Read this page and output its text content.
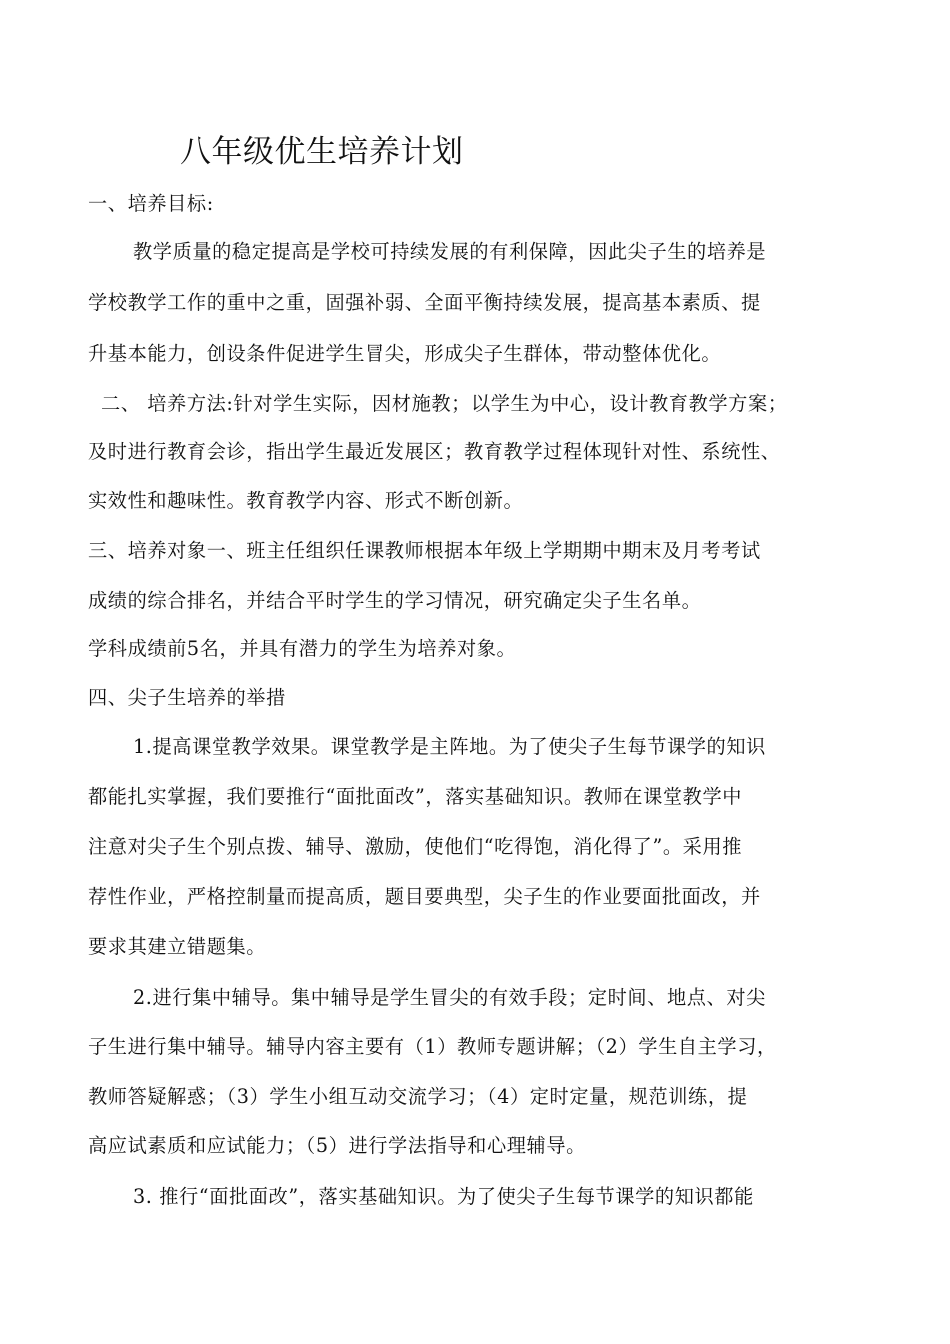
八年级优生培养计划
一、培养目标:
教学质量的稳定提高是学校可持续发展的有利保障，因此尖子生的培养是
学校教学工作的重中之重，固强补弱、全面平衡持续发展，提高基本素质、提
升基本能力，创设条件促进学生冒尖，形成尖子生群体，带动整体优化。
二、 培养方法:针对学生实际，因材施教；以学生为中心，设计教育教学方案；
及时进行教育会诊，指出学生最近发展区；教育教学过程体现针对性、系统性、
实效性和趣味性。教育教学内容、形式不断创新。
三、培养对象一、班主任组织任课教师根据本年级上学期期中期末及月考考试
成绩的综合排名，并结合平时学生的学习情况，研究确定尖子生名单。
学科成绩前5名，并具有潜力的学生为培养对象。
四、尖子生培养的举措
1.提高课堂教学效果。课堂教学是主阵地。为了使尖子生每节课学的知识
都能扎实掌握，我们要推行“面批面改”，落实基础知识。教师在课堂教学中
注意对尖子生个别点拨、辅导、激励，使他们“吃得饱，消化得了”。采用推
荐性作业，严格控制量而提高质，题目要典型，尖子生的作业要面批面改，并
要求其建立错题集。
2.进行集中辅导。集中辅导是学生冒尖的有效手段；定时间、地点、对尖
子生进行集中辅导。辅导内容主要有（1）教师专题讲解；（2）学生自主学习，
教师答疑解惑；（3）学生小组互动交流学习；（4）定时定量，规范训练，提
高应试素质和应试能力；（5）进行学法指导和心理辅导。
3. 推行“面批面改”，落实基础知识。为了使尖子生每节课学的知识都能
